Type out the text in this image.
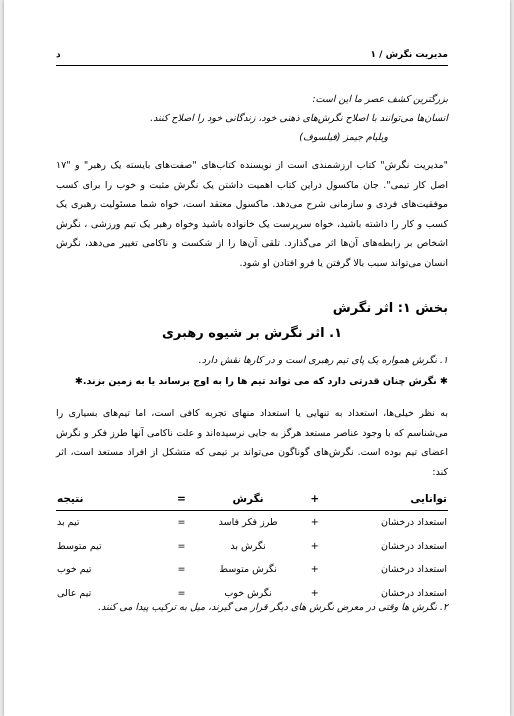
مدیریت نگرش / ۱
د
بزرگترین کشف عصر ما این است:
انسان‌ها می‌توانند با اصلاح نگرش‌های ذهنی خود، زندگانی خود را اصلاح کنند.
ویلیام جیمز (فیلسوف)
"مدیریت نگرش" کتاب ارزشمندی است از نویسنده کتاب‌های "صفت‌های بایسته یک رهبر" و "۱۷ اصل کار تیمی". جان ماکسول دراین کتاب اهمیت داشتن یک نگرش مثبت و خوب را برای کسب موفقیت‌های فردی و سازمانی شرح می‌دهد. ماکسول معتقد است، خواه شما مسئولیت رهبری یک کسب و کار را داشته باشید، خواه سرپرست یک خانواده باشید وخواه رهبر یک تیم ورزشی ، نگرش اشخاص بر رابطه‌های آن‌ها اثر می‌گذارد. تلقی آن‌ها را از شکست و ناکامی تغییر می‌دهد، نگرش انسان می‌تواند سبب بالا گرفتن یا فرو افتادن او شود.
بخش ۱: اثر نگرش
۱. اثر نگرش بر شیوه رهبری
۱. نگرش همواره یک پای تیم رهبری است و در کارها نقش دارد.
✱ نگرش چنان قدرتی دارد که می تواند تیم ها را به اوج برساند یا به زمین بزند.✱
به نظر خیلی‌ها، استعداد به تنهایی یا استعداد منهای تجربه کافی است، اما تیم‌های بسیاری را می‌شناسم که با وجود عناصر مستعد هرگز به جایی نرسیده‌اند و علت ناکامی آنها طرز فکر و نگرش اعضای تیم بوده است. نگرش‌های گوناگون می‌تواند بر تیمی که متشکل از افراد مستعد است، اثر کند:
توانایی	+	نگرش	=	نتیجه
استعداد درخشان	+	طرز فکر فاسد	=	تیم بد
استعداد درخشان	+	نگرش بد	=	تیم متوسط
استعداد درخشان	+	نگرش متوسط	=	تیم خوب
استعداد درخشان	+	نگرش خوب	=	تیم عالی
۲. نگرش ها وقتی در معرض نگرش های دیگر قرار می گیرند، میل به ترکیب پیدا می کنند.
